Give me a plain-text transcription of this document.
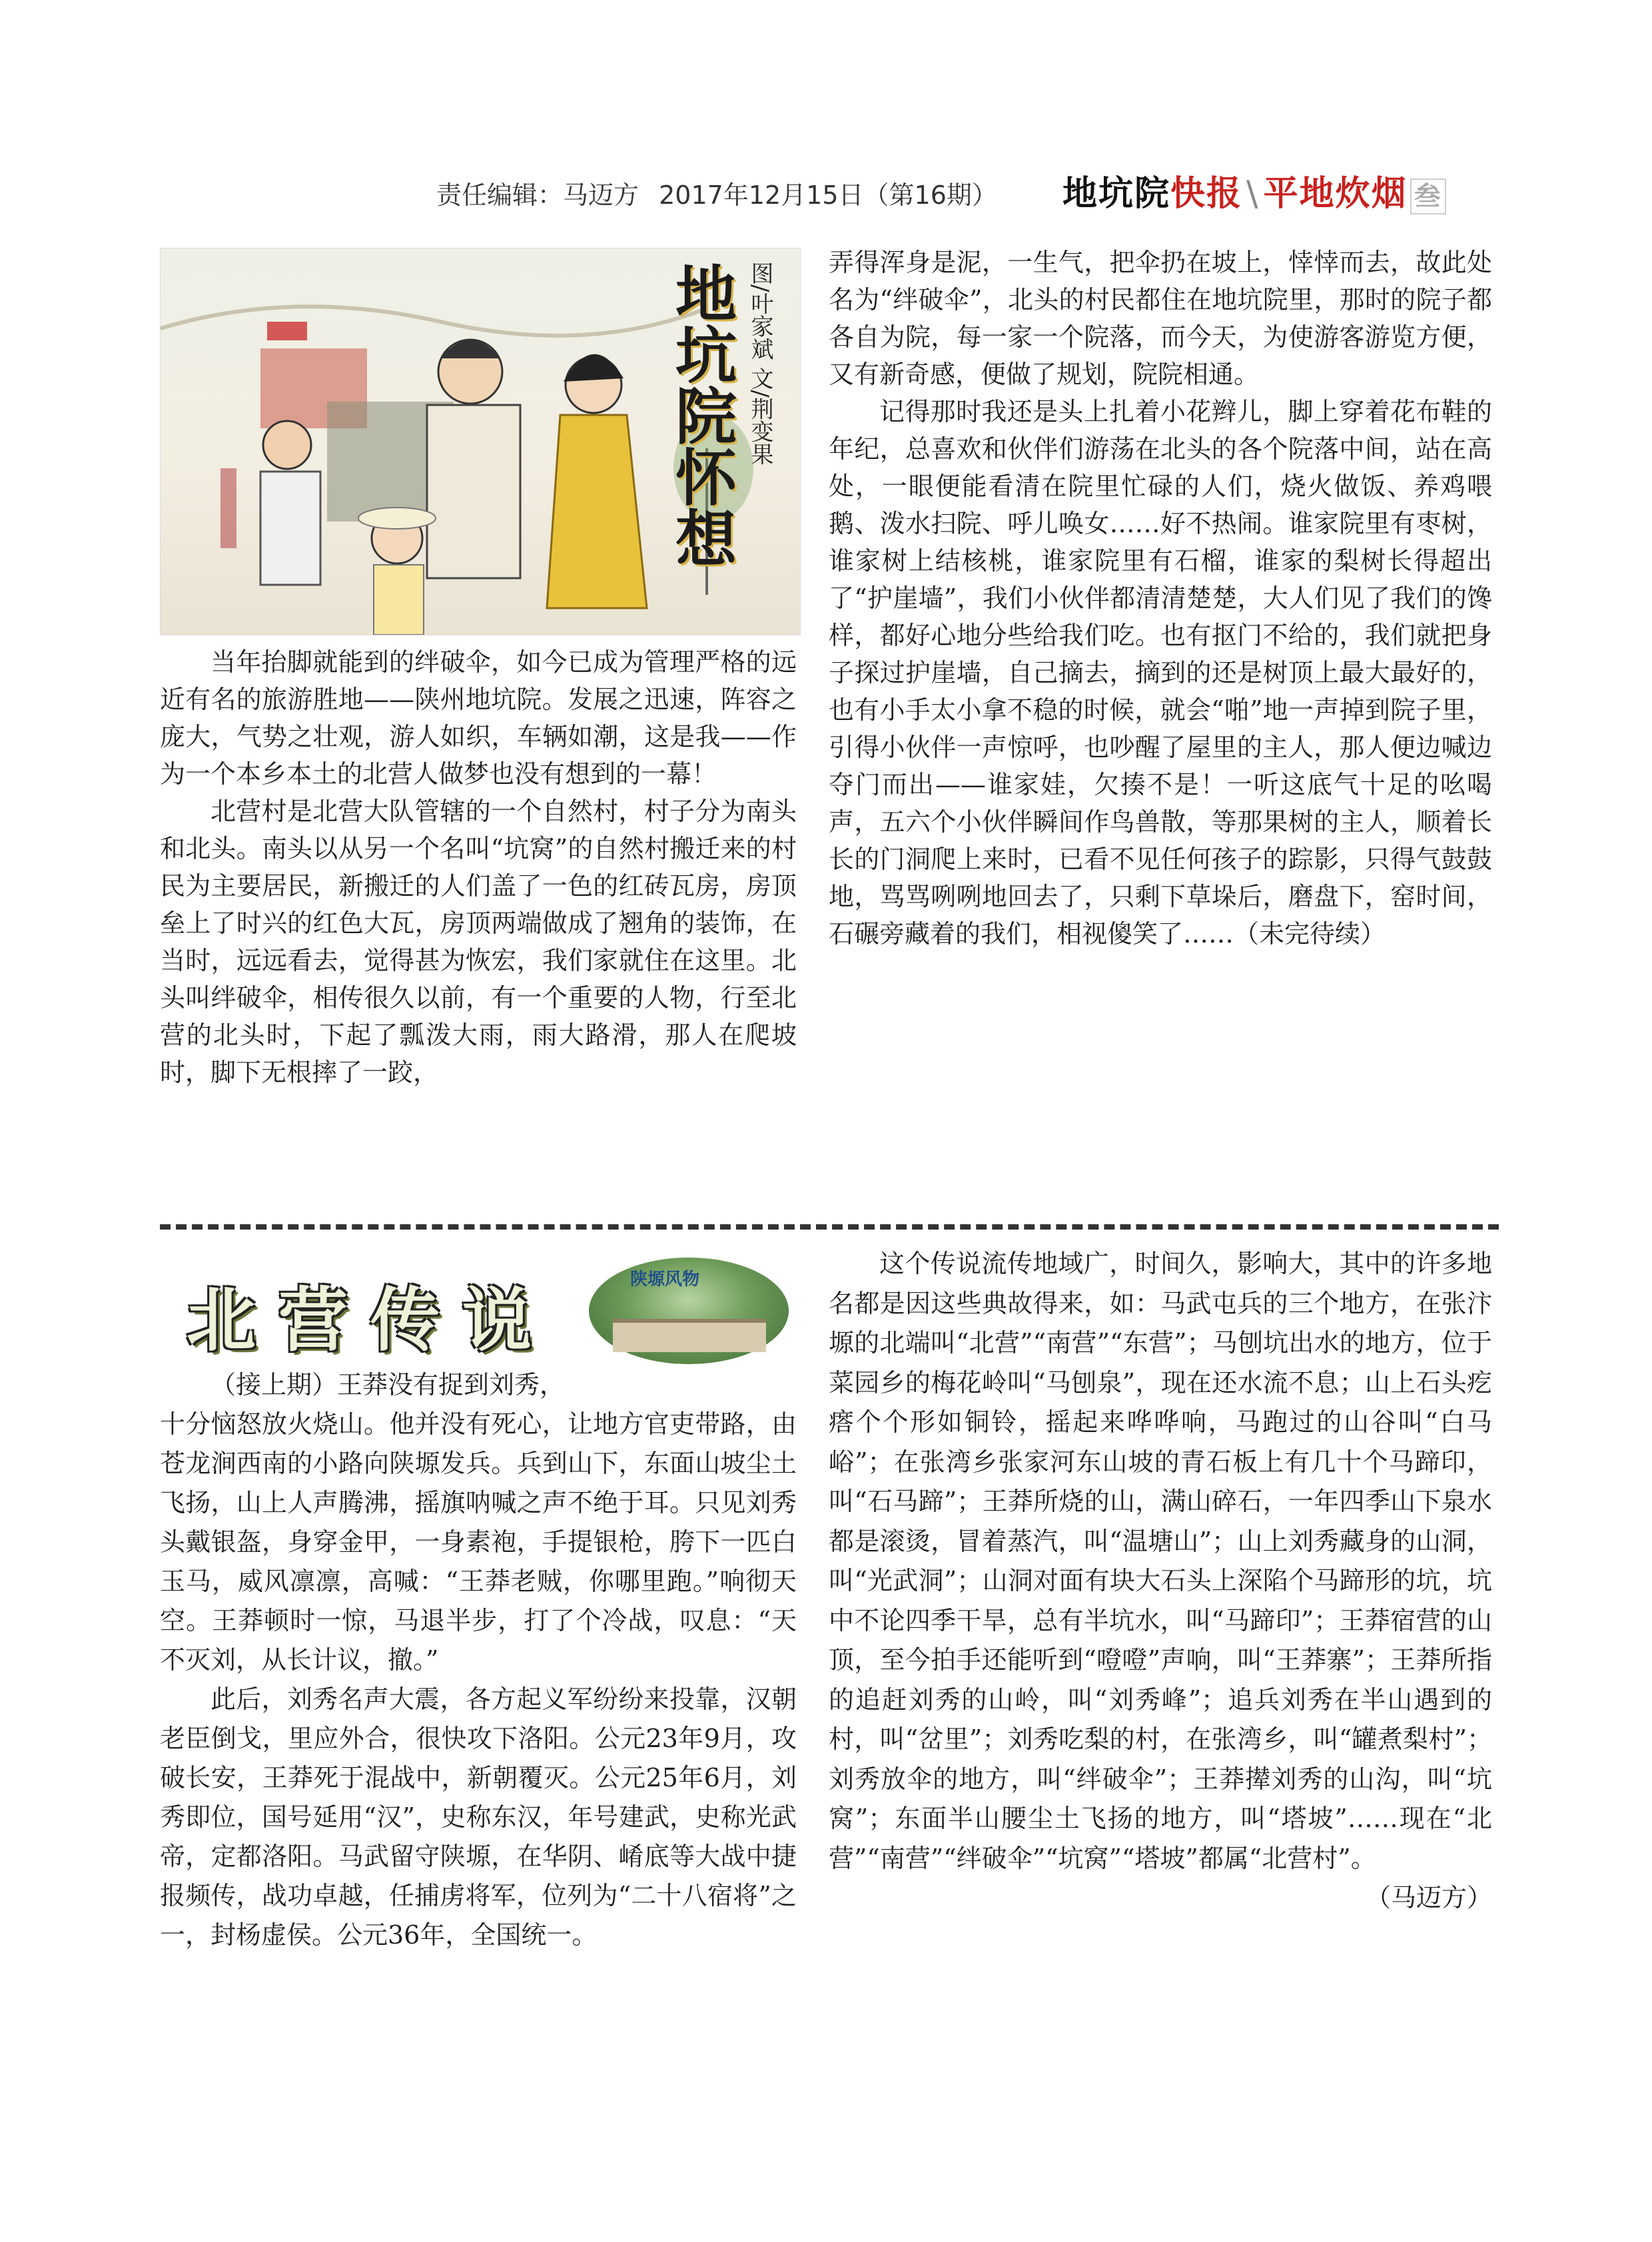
责任编辑：马迈方 2017年12月15日（第16期）	地坑院快报 \ 平地炊烟 叁
地坑院怀想 图/叶家斌 文/荆变果

当年抬脚就能到的绊破伞，如今已成为管理严格的远近有名的旅游胜地——陕州地坑院。发展之迅速，阵容之庞大，气势之壮观，游人如织，车辆如潮，这是我——作为一个本乡本土的北营人做梦也没有想到的一幕！

北营村是北营大队管辖的一个自然村，村子分为南头和北头。南头以从另一个名叫“坑窝”的自然村搬迁来的村民为主要居民，新搬迁的人们盖了一色的红砖瓦房，房顶垒上了时兴的红色大瓦，房顶两端做成了翘角的装饰，在当时，远远看去，觉得甚为恢宏，我们家就住在这里。北头叫绊破伞，相传很久以前，有一个重要的人物，行至北营的北头时，下起了瓢泼大雨，雨大路滑，那人在爬坡时，脚下无根摔了一跤，

弄得浑身是泥，一生气，把伞扔在坡上，悻悻而去，故此处名为“绊破伞”，北头的村民都住在地坑院里，那时的院子都各自为院，每一家一个院落，而今天，为使游客游览方便，又有新奇感，便做了规划，院院相通。

记得那时我还是头上扎着小花辫儿，脚上穿着花布鞋的年纪，总喜欢和伙伴们游荡在北头的各个院落中间，站在高处，一眼便能看清在院里忙碌的人们，烧火做饭、养鸡喂鹅、泼水扫院、呼儿唤女……好不热闹。谁家院里有枣树，谁家树上结核桃，谁家院里有石榴，谁家的梨树长得超出了“护崖墙”，我们小伙伴都清清楚楚，大人们见了我们的馋样，都好心地分些给我们吃。也有抠门不给的，我们就把身子探过护崖墙，自己摘去，摘到的还是树顶上最大最好的，也有小手太小拿不稳的时候，就会“啪”地一声掉到院子里，引得小伙伴一声惊呼，也吵醒了屋里的主人，那人便边喊边夺门而出——谁家娃，欠揍不是！一听这底气十足的吆喝声，五六个小伙伴瞬间作鸟兽散，等那果树的主人，顺着长长的门洞爬上来时，已看不见任何孩子的踪影，只得气鼓鼓地，骂骂咧咧地回去了，只剩下草垛后，磨盘下，窑时间，石碾旁藏着的我们，相视傻笑了……（未完待续）

北营传说	陕塬风物

（接上期）王莽没有捉到刘秀，

十分恼怒放火烧山。他并没有死心，让地方官吏带路，由苍龙涧西南的小路向陕塬发兵。兵到山下，东面山坡尘土飞扬，山上人声腾沸，摇旗呐喊之声不绝于耳。只见刘秀头戴银盔，身穿金甲，一身素袍，手提银枪，胯下一匹白玉马，威风凛凛，高喊：“王莽老贼，你哪里跑。”响彻天空。王莽顿时一惊，马退半步，打了个冷战，叹息：“天不灭刘，从长计议，撤。”

此后，刘秀名声大震，各方起义军纷纷来投靠，汉朝老臣倒戈，里应外合，很快攻下洛阳。公元23年9月，攻破长安，王莽死于混战中，新朝覆灭。公元25年6月，刘秀即位，国号延用“汉”，史称东汉，年号建武，史称光武帝，定都洛阳。马武留守陕塬，在华阴、崤底等大战中捷报频传，战功卓越，任捕虏将军，位列为“二十八宿将”之一，封杨虚侯。公元36年，全国统一。

这个传说流传地域广，时间久，影响大，其中的许多地名都是因这些典故得来，如：马武屯兵的三个地方，在张汴塬的北端叫“北营”“南营”“东营”；马刨坑出水的地方，位于菜园乡的梅花岭叫“马刨泉”，现在还水流不息；山上石头疙瘩个个形如铜铃，摇起来哗哗响，马跑过的山谷叫“白马峪”；在张湾乡张家河东山坡的青石板上有几十个马蹄印，叫“石马蹄”；王莽所烧的山，满山碎石，一年四季山下泉水都是滚烫，冒着蒸汽，叫“温塘山”；山上刘秀藏身的山洞，叫“光武洞”；山洞对面有块大石头上深陷个马蹄形的坑，坑中不论四季干旱，总有半坑水，叫“马蹄印”；王莽宿营的山顶，至今拍手还能听到“噔噔”声响，叫“王莽寨”；王莽所指的追赶刘秀的山岭，叫“刘秀峰”；追兵刘秀在半山遇到的村，叫“岔里”；刘秀吃梨的村，在张湾乡，叫“罐煮梨村”；刘秀放伞的地方，叫“绊破伞”；王莽撵刘秀的山沟，叫“坑窝”；东面半山腰尘土飞扬的地方，叫“塔坡”……现在“北营”“南营”“绊破伞”“坑窝”“塔坡”都属“北营村”。

（马迈方）
